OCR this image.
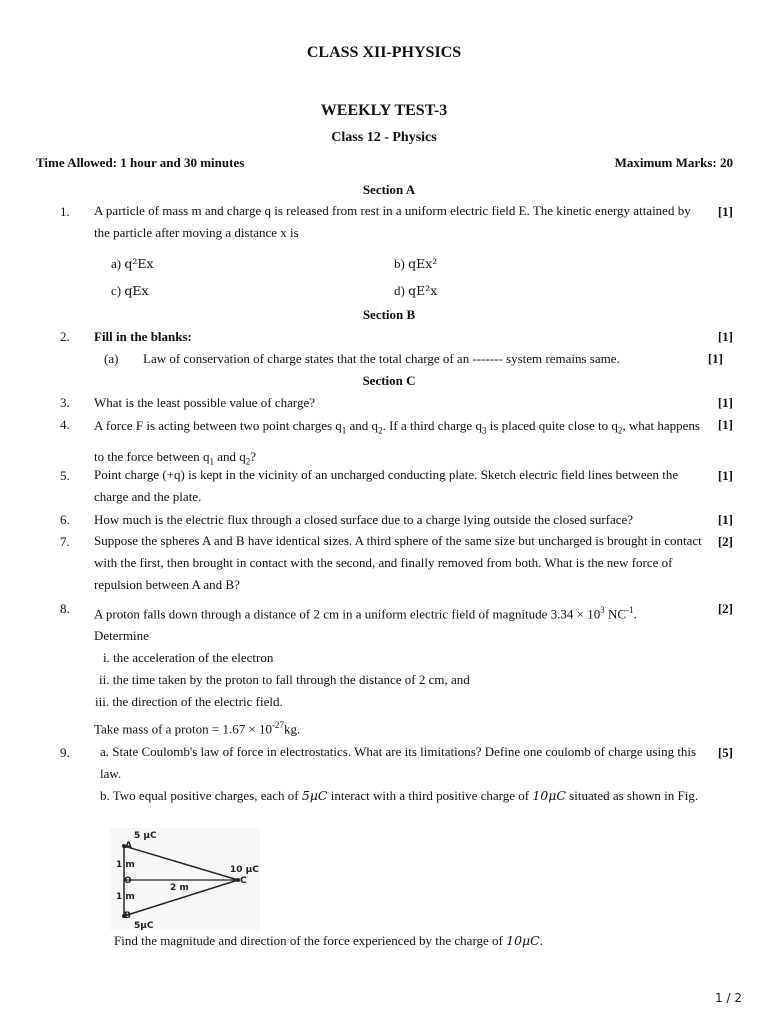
CLASS XII-PHYSICS
WEEKLY TEST-3
Class 12 - Physics
Time Allowed: 1 hour and 30 minutes	Maximum Marks: 20
Section A
1. A particle of mass m and charge q is released from rest in a uniform electric field E. The kinetic energy attained by the particle after moving a distance x is
[1]
a) q²Ex	b) qEx²
c) qEx	d) qE²x
Section B
2. Fill in the blanks:	[1]
(a) Law of conservation of charge states that the total charge of an ------- system remains same.	[1]
Section C
3. What is the least possible value of charge?	[1]
4. A force F is acting between two point charges $q_1$ and $q_2$. If a third charge $q_3$ is placed quite close to $q_2$, what happens to the force between $q_1$ and $q_2$?
[1]
5. Point charge (+q) is kept in the vicinity of an uncharged conducting plate. Sketch electric field lines between the charge and the plate.
[1]
6. How much is the electric flux through a closed surface due to a charge lying outside the closed surface?	[1]
7. Suppose the spheres A and B have identical sizes. A third sphere of the same size but uncharged is brought in contact with the first, then brought in contact with the second, and finally removed from both. What is the new force of repulsion between A and B?
[2]
8. A proton falls down through a distance of 2 cm in a uniform electric field of magnitude $3.34 \times 10^3$ $NC^{-1}$. Determine
[2]
i. the acceleration of the electron
ii. the time taken by the proton to fall through the distance of 2 cm, and
iii. the direction of the electric field.
Take mass of a proton = $1.67 \times 10^{-27}kg$.
9. a. State Coulomb's law of force in electrostatics. What are its limitations? Define one coulomb of charge using this law.
[5]
b. Two equal positive charges, each of 5μC interact with a third positive charge of 10μC situated as shown in Fig.
5 μC
A
1 m
O
1 m
B
5μC
10 μC
C
2 m
Find the magnitude and direction of the force experienced by the charge of 10μC.
1 / 2
